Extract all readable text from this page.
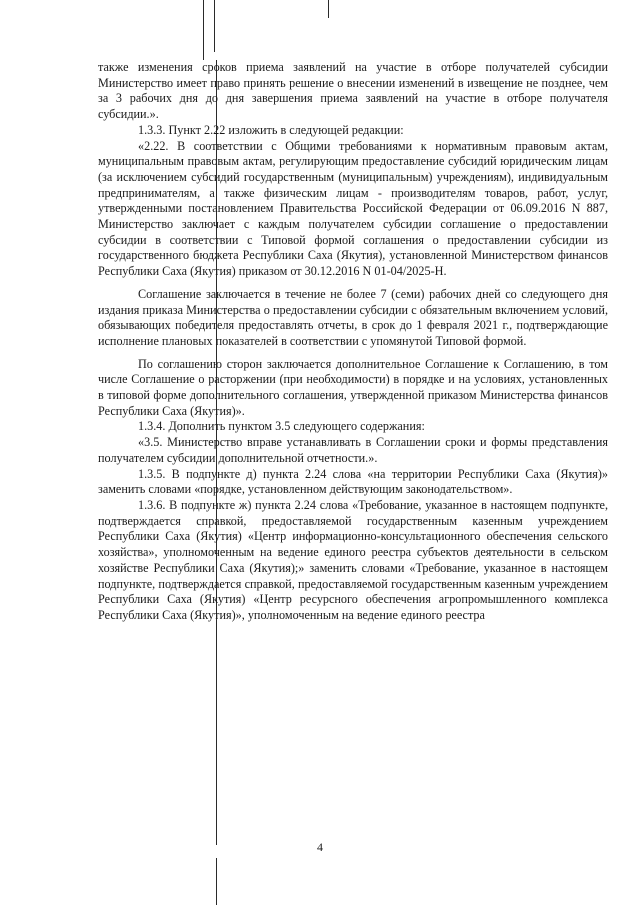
также изменения сроков приема заявлений на участие в отборе получателей субсидии Министерство имеет право принять решение о внесении изменений в извещение не позднее, чем за 3 рабочих дня до дня завершения приема заявлений на участие в отборе получателя субсидии.».

1.3.3. Пункт 2.22 изложить в следующей редакции:

«2.22. В соответствии с Общими требованиями к нормативным правовым актам, муниципальным правовым актам, регулирующим предоставление субсидий юридическим лицам (за исключением субсидий государственным (муниципальным) учреждениям), индивидуальным предпринимателям, а также физическим лицам - производителям товаров, работ, услуг, утвержденными постановлением Правительства Российской Федерации от 06.09.2016 N 887, Министерство заключает с каждым получателем субсидии соглашение о предоставлении субсидии в соответствии с Типовой формой соглашения о предоставлении субсидии из государственного бюджета Республики Саха (Якутия), установленной Министерством финансов Республики Саха (Якутия) приказом от 30.12.2016 N 01-04/2025-Н.

Соглашение заключается в течение не более 7 (семи) рабочих дней со следующего дня издания приказа Министерства о предоставлении субсидии с обязательным включением условий, обязывающих победителя предоставлять отчеты, в срок до 1 февраля 2021 г., подтверждающие исполнение плановых показателей в соответствии с упомянутой Типовой формой.

По соглашению сторон заключается дополнительное Соглашение к Соглашению, в том числе Соглашение о расторжении (при необходимости) в порядке и на условиях, установленных в типовой форме дополнительного соглашения, утвержденной приказом Министерства финансов Республики Саха (Якутия)».

1.3.4. Дополнить пунктом 3.5 следующего содержания:

«3.5. Министерство вправе устанавливать в Соглашении сроки и формы представления получателем субсидии дополнительной отчетности.».

1.3.5. В подпункте д) пункта 2.24 слова «на территории Республики Саха (Якутия)» заменить словами «порядке, установленном действующим законодательством».

1.3.6. В подпункте ж) пункта 2.24 слова «Требование, указанное в настоящем подпункте, подтверждается справкой, предоставляемой государственным казенным учреждением Республики Саха (Якутия) «Центр информационно-консультационного обеспечения сельского хозяйства», уполномоченным на ведение единого реестра субъектов деятельности в сельском хозяйстве Республики Саха (Якутия);» заменить словами «Требование, указанное в настоящем подпункте, подтверждается справкой, предоставляемой государственным казенным учреждением Республики Саха (Якутия) «Центр ресурсного обеспечения агропромышленного комплекса Республики Саха (Якутия)», уполномоченным на ведение единого реестра

4
